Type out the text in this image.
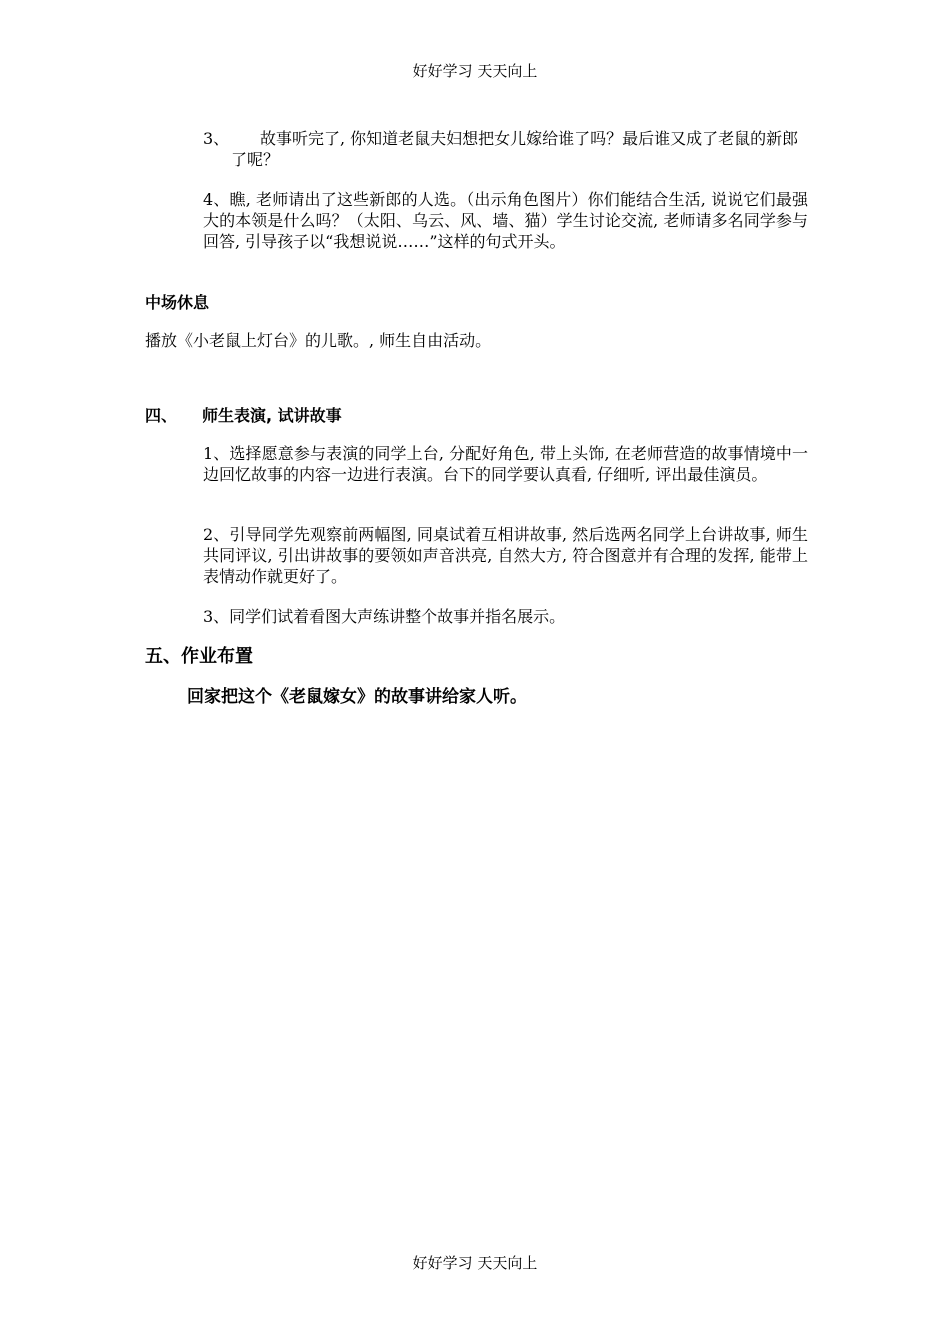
好好学习 天天向上

3、 故事听完了, 你知道老鼠夫妇想把女儿嫁给谁了吗？最后谁又成了老鼠的新郎了呢？

4、瞧, 老师请出了这些新郎的人选。（出示角色图片）你们能结合生活, 说说它们最强大的本领是什么吗？（太阳、乌云、风、墙、猫）学生讨论交流, 老师请多名同学参与回答, 引导孩子以“我想说说……”这样的句式开头。

中场休息

播放《小老鼠上灯台》的儿歌。, 师生自由活动。

四、 师生表演, 试讲故事

1、选择愿意参与表演的同学上台, 分配好角色, 带上头饰, 在老师营造的故事情境中一边回忆故事的内容一边进行表演。台下的同学要认真看, 仔细听, 评出最佳演员。

2、引导同学先观察前两幅图, 同桌试着互相讲故事, 然后选两名同学上台讲故事, 师生共同评议, 引出讲故事的要领如声音洪亮, 自然大方, 符合图意并有合理的发挥, 能带上表情动作就更好了。

3、同学们试着看图大声练讲整个故事并指名展示。

五、作业布置
回家把这个《老鼠嫁女》的故事讲给家人听。
好好学习 天天向上
